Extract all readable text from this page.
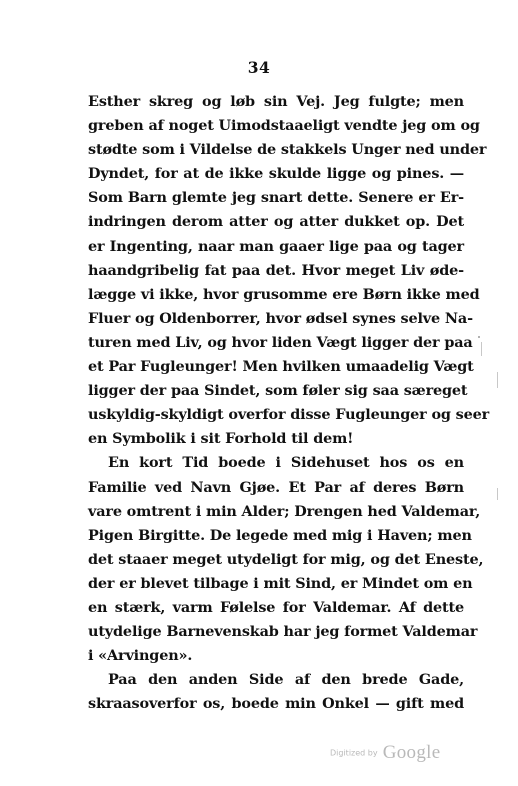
34
Esther skreg og løb sin Vej. Jeg fulgte; men
greben af noget Uimodstaaeligt vendte jeg om og
stødte som i Vildelse de stakkels Unger ned under
Dyndet, for at de ikke skulde ligge og pines. —
Som Barn glemte jeg snart dette. Senere er Er-
indringen derom atter og atter dukket op. Det
er Ingenting, naar man gaaer lige paa og tager
haandgribelig fat paa det. Hvor meget Liv øde-
lægge vi ikke, hvor grusomme ere Børn ikke med
Fluer og Oldenborrer, hvor ødsel synes selve Na-
turen med Liv, og hvor liden Vægt ligger der paa
et Par Fugleunger! Men hvilken umaadelig Vægt
ligger der paa Sindet, som føler sig saa særeget
uskyldig-skyldigt overfor disse Fugleunger og seer
en Symbolik i sit Forhold til dem!
En kort Tid boede i Sidehuset hos os en
Familie ved Navn Gjøe. Et Par af deres Børn
vare omtrent i min Alder; Drengen hed Valdemar,
Pigen Birgitte. De legede med mig i Haven; men
det staaer meget utydeligt for mig, og det Eneste,
der er blevet tilbage i mit Sind, er Mindet om en
en stærk, varm Følelse for Valdemar. Af dette
utydelige Barnevenskab har jeg formet Valdemar
i «Arvingen».
Paa den anden Side af den brede Gade,
skraasoverfor os, boede min Onkel — gift med
Digitized by Google
